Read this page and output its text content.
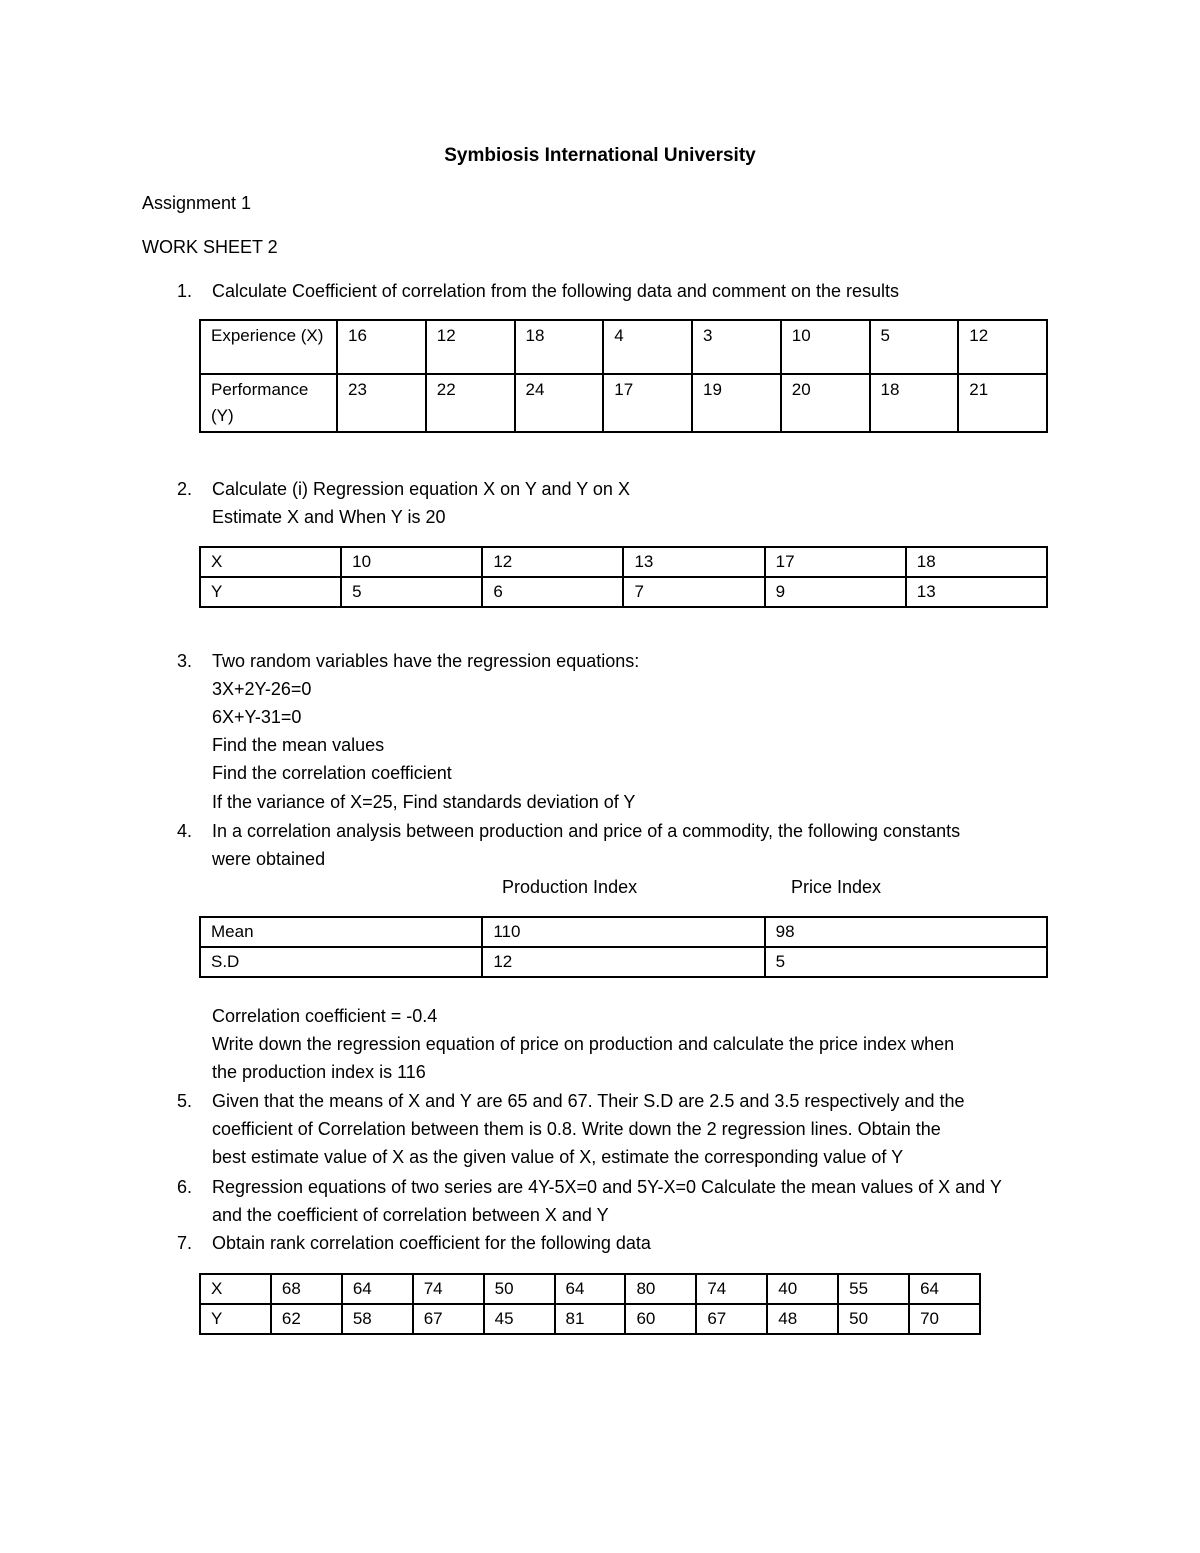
Symbiosis International University
Assignment 1
WORK SHEET 2
1. Calculate Coefficient of correlation from the following data and comment on the results
Experience (X)	16	12	18	4	3	10	5	12
Performance (Y)	23	22	24	17	19	20	18	21
2. Calculate (i) Regression equation X on Y and Y on X
Estimate X and When Y is 20
X	10	12	13	17	18
Y	5	6	7	9	13
3. Two random variables have the regression equations:
3X+2Y-26=0
6X+Y-31=0
Find the mean values
Find the correlation coefficient
If the variance of X=25, Find standards deviation of Y
4. In a correlation analysis between production and price of a commodity, the following constants
were obtained
Production Index	Price Index
Mean	110	98
S.D	12	5
Correlation coefficient = -0.4
Write down the regression equation of price on production and calculate the price index when
the production index is 116
5. Given that the means of X and Y are 65 and 67. Their S.D are 2.5 and 3.5 respectively and the
coefficient of Correlation between them is 0.8. Write down the 2 regression lines. Obtain the
best estimate value of X as the given value of X, estimate the corresponding value of Y
6. Regression equations of two series are 4Y-5X=0 and 5Y-X=0 Calculate the mean values of X and Y
and the coefficient of correlation between X and Y
7. Obtain rank correlation coefficient for the following data
X	68	64	74	50	64	80	74	40	55	64
Y	62	58	67	45	81	60	67	48	50	70
